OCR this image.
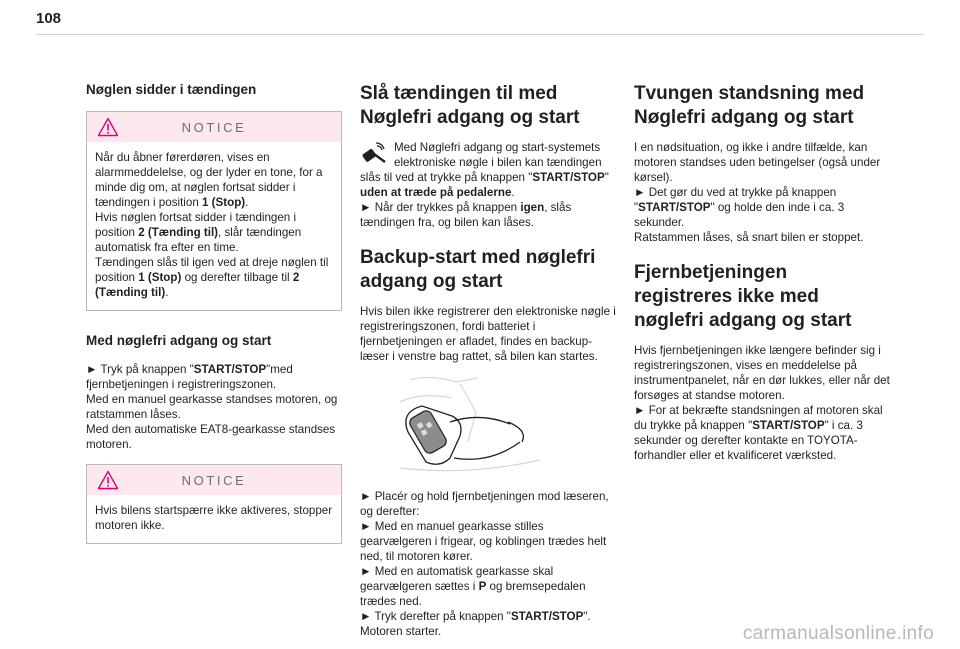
108
Nøglen sidder i tændingen
NOTICE
Når du åbner førerdøren, vises en alarmmeddelelse, og der lyder en tone, for a minde dig om, at nøglen fortsat sidder i tændingen i position 1 (Stop).
Hvis nøglen fortsat sidder i tændingen i position 2 (Tænding til), slår tændingen automatisk fra efter en time.
Tændingen slås til igen ved at dreje nøglen til position 1 (Stop) og derefter tilbage til 2 (Tænding til).
Med nøglefri adgang og start

► Tryk på knappen "START/STOP"med fjernbetjeningen i registreringszonen.
Med en manuel gearkasse standses motoren, og ratstammen låses.
Med den automatiske EAT8-gearkasse standses motoren.

NOTICE
Hvis bilens startspærre ikke aktiveres, stopper motoren ikke.
Slå tændingen til med Nøglefri adgang og start

Med Nøglefri adgang og start-systemets elektroniske nøgle i bilen kan tændingen slås til ved at trykke på knappen "START/STOP" uden at træde på pedalerne.
► Når der trykkes på knappen igen, slås tændingen fra, og bilen kan låses.

Backup-start med nøglefri adgang og start

Hvis bilen ikke registrerer den elektroniske nøgle i registreringszonen, fordi batteriet i fjernbetjeningen er afladet, findes en backup-læser i venstre bag rattet, så bilen kan startes.

► Placér og hold fjernbetjeningen mod læseren, og derefter:
► Med en manuel gearkasse stilles gearvælgeren i frigear, og koblingen trædes helt ned, til motoren kører.
► Med en automatisk gearkasse skal gearvælgeren sættes i P og bremsepedalen trædes ned.
► Tryk derefter på knappen "START/STOP".
Motoren starter.

Tvungen standsning med Nøglefri adgang og start

I en nødsituation, og ikke i andre tilfælde, kan motoren standses uden betingelser (også under kørsel).
► Det gør du ved at trykke på knappen "START/STOP" og holde den inde i ca. 3 sekunder.
Ratstammen låses, så snart bilen er stoppet.

Fjernbetjeningen registreres ikke med nøglefri adgang og start

Hvis fjernbetjeningen ikke længere befinder sig i registreringszonen, vises en meddelelse på instrumentpanelet, når en dør lukkes, eller når det forsøges at standse motoren.
► For at bekræfte standsningen af motoren skal du trykke på knappen "START/STOP" i ca. 3 sekunder og derefter kontakte en TOYOTA-forhandler eller et kvalificeret værksted.

carmanualsonline.info
